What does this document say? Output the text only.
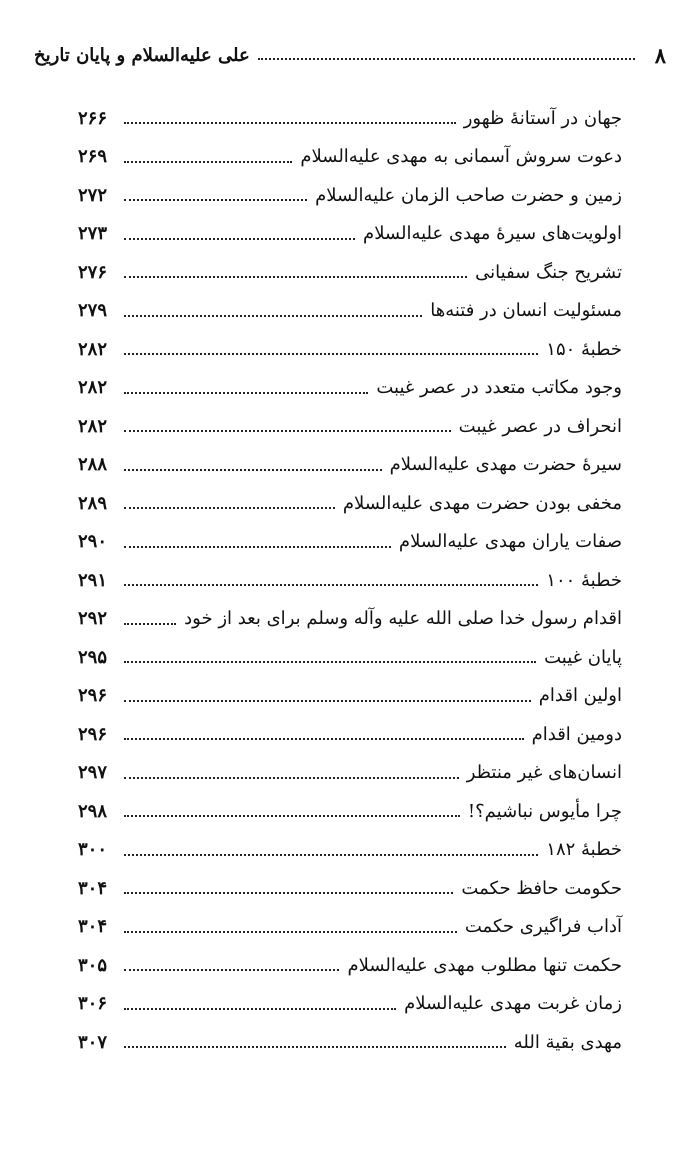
۸
علی عليه‌السلام و پایان تاریخ
جهان در آستانهٔ ظهور
۲۶۶
دعوت سروش آسمانی به مهدی عليه‌السلام
۲۶۹
زمین و حضرت صاحب الزمان عليه‌السلام
۲۷۲
اولویت‌های سیرهٔ مهدی عليه‌السلام
۲۷۳
تشریح جنگ سفیانی
۲۷۶
مسئولیت انسان در فتنه‌ها
۲۷۹
خطبهٔ ۱۵۰
۲۸۲
وجود مکاتب متعدد در عصر غیبت
۲۸۲
انحراف در عصر غیبت
۲۸۲
سیرهٔ حضرت مهدی عليه‌السلام
۲۸۸
مخفی بودن حضرت مهدی عليه‌السلام
۲۸۹
صفات یاران مهدی عليه‌السلام
۲۹۰
خطبهٔ ۱۰۰
۲۹۱
اقدام رسول خدا صلى الله عليه وآله وسلم برای بعد از خود
۲۹۲
پایان غیبت
۲۹۵
اولین اقدام
۲۹۶
دومین اقدام
۲۹۶
انسان‌های غیر منتظر
۲۹۷
چرا مأیوس نباشیم؟!
۲۹۸
خطبهٔ ۱۸۲
۳۰۰
حکومت حافظ حکمت
۳۰۴
آداب فراگیری حکمت
۳۰۴
حکمت تنها مطلوب مهدی عليه‌السلام
۳۰۵
زمان غربت مهدی عليه‌السلام
۳۰۶
مهدی بقیة الله
۳۰۷
